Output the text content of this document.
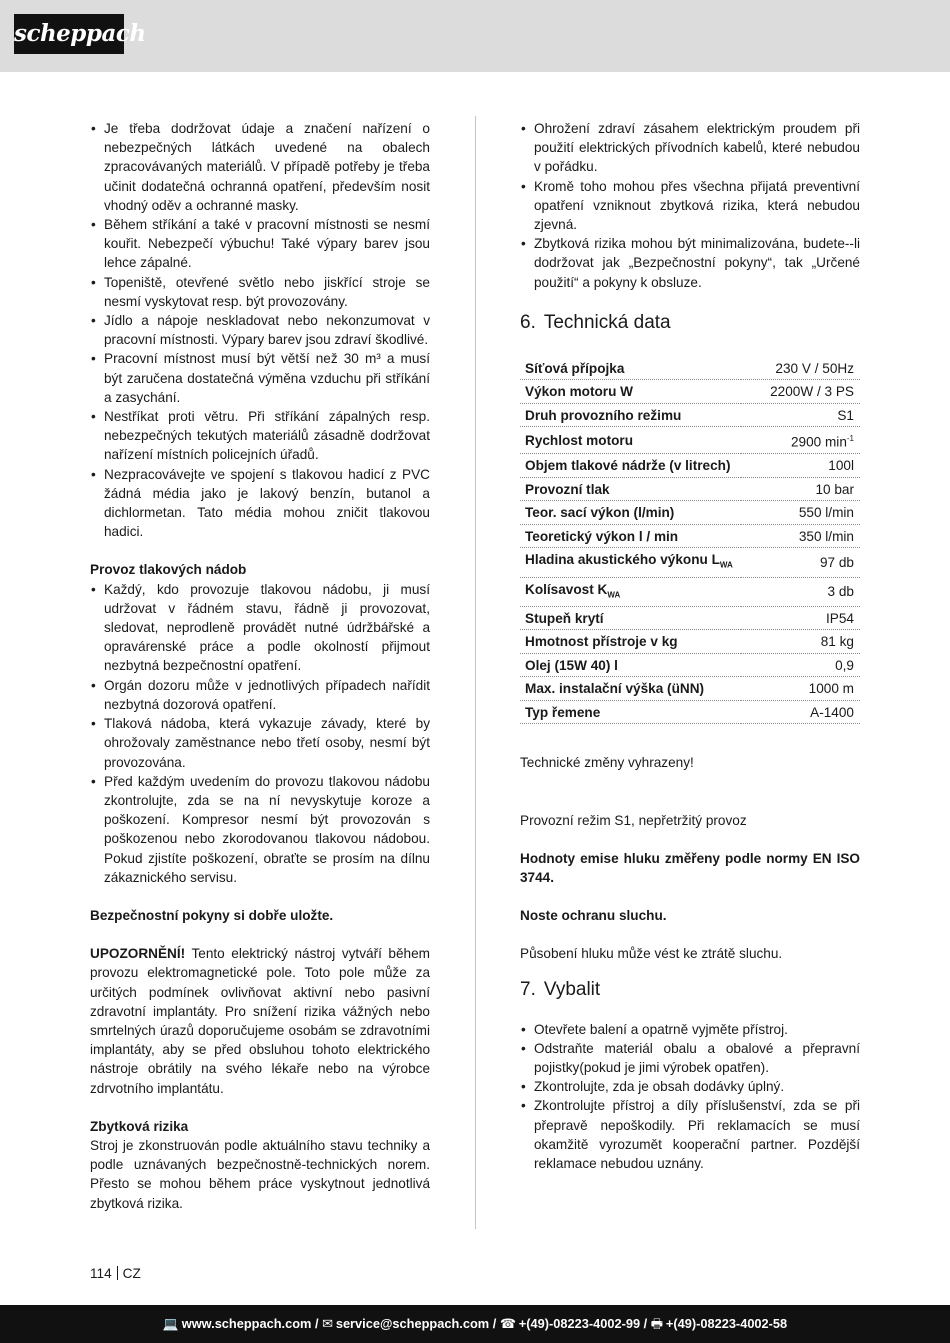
scheppach
• Je třeba dodržovat údaje a značení nařízení o nebezpečných látkách uvedené na obalech zpracovávaných materiálů. V případě potřeby je třeba učinit dodatečná ochranná opatření, především nosit vhodný oděv a ochranné masky.
• Během stříkání a také v pracovní místnosti se nesmí kouřit. Nebezpečí výbuchu! Také výpary barev jsou lehce zápalné.
• Topeniště, otevřené světlo nebo jiskřící stroje se nesmí vyskytovat resp. být provozovány.
• Jídlo a nápoje neskladovat nebo nekonzumovat v pracovní místnosti. Výpary barev jsou zdraví škodlivé.
• Pracovní místnost musí být větší než 30 m³ a musí být zaručena dostatečná výměna vzduchu při stříkání a zasychání.
• Nestříkat proti větru. Při stříkání zápalných resp. nebezpečných tekutých materiálů zásadně dodržovat nařízení místních policejních úřadů.
• Nezpracovávejte ve spojení s tlakovou hadicí z PVC žádná média jako je lakový benzín, butanol a dichlormetan. Tato média mohou zničit tlakovou hadici.
Provoz tlakových nádob
• Každý, kdo provozuje tlakovou nádobu, ji musí udržovat v řádném stavu, řádně ji provozovat, sledovat, neprodleně provádět nutné údržbářské a opravárenské práce a podle okolností přijmout nezbytná bezpečnostní opatření.
• Orgán dozoru může v jednotlivých případech nařídit nezbytná dozorová opatření.
• Tlaková nádoba, která vykazuje závady, které by ohrožovaly zaměstnance nebo třetí osoby, nesmí být provozována.
• Před každým uvedením do provozu tlakovou nádobu zkontrolujte, zda se na ní nevyskytuje koroze a poškození. Kompresor nesmí být provozován s poškozenou nebo zkorodovanou tlakovou nádobou. Pokud zjistíte poškození, obraťte se prosím na dílnu zákaznického servisu.
Bezpečnostní pokyny si dobře uložte.

UPOZORNĚNÍ! Tento elektrický nástroj vytváří během provozu elektromagnetické pole. Toto pole může za určitých podmínek ovlivňovat aktivní nebo pasivní zdravotní implantáty. Pro snížení rizika vážných nebo smrtelných úrazů doporučujeme osobám se zdravotními implantáty, aby se před obsluhou tohoto elektrického nástroje obrátily na svého lékaře nebo na výrobce zdrvotního implantátu.

Zbytková rizika

Stroj je zkonstruován podle aktuálního stavu techniky a podle uznávaných bezpečnostně-technických norem. Přesto se mohou během práce vyskytnout jednotlivá zbytková rizika.

• Ohrožení zdraví zásahem elektrickým proudem při použití elektrických přívodních kabelů, které nebudou v pořádku.
• Kromě toho mohou přes všechna přijatá preventivní opatření vzniknout zbytková rizika, která nebudou zjevná.
• Zbytková rizika mohou být minimalizována, budete--li dodržovat jak „Bezpečnostní pokyny“, tak „Určené použití“ a pokyny k obsluze.
6. Technická data
Síťová přípojka	230 V / 50Hz
Výkon motoru W	2200W / 3 PS
Druh provozního režimu	S1
Rychlost motoru	2900 $\min^{-1}$
Objem tlakové nádrže (v litrech)	100l
Provozní tlak	10 bar
Teor. sací výkon (l/min)	550 l/min
Teoretický výkon l / min	350 l/min
Hladina akustického výkonu $L_{WA}$	97 db
Kolísavost $K_{WA}$	3 db
Stupeň krytí	IP54
Hmotnost přístroje v kg	81 kg
Olej (15W 40) l	0,9
Max. instalační výška (üNN)	1000 m
Typ řemene	A-1400

Technické změny vyhrazeny!

Provozní režim S1, nepřetržitý provoz

Hodnoty emise hluku změřeny podle normy EN ISO 3744.

Noste ochranu sluchu.

Působení hluku může vést ke ztrátě sluchu.

7. Vybalit
• Otevřete balení a opatrně vyjměte přístroj.
• Odstraňte materiál obalu a obalové a přepravní pojistky(pokud je jimi výrobek opatřen).
• Zkontrolujte, zda je obsah dodávky úplný.
• Zkontrolujte přístroj a díly příslušenství, zda se při přepravě nepoškodily. Při reklamacích se musí okamžitě vyrozumět kooperační partner. Pozdější reklamace nebudou uznány.
114 CZ
💻 www.scheppach.com / ✉ service@scheppach.com / ☎ +(49)-08223-4002-99 / 🖶 +(49)-08223-4002-58
